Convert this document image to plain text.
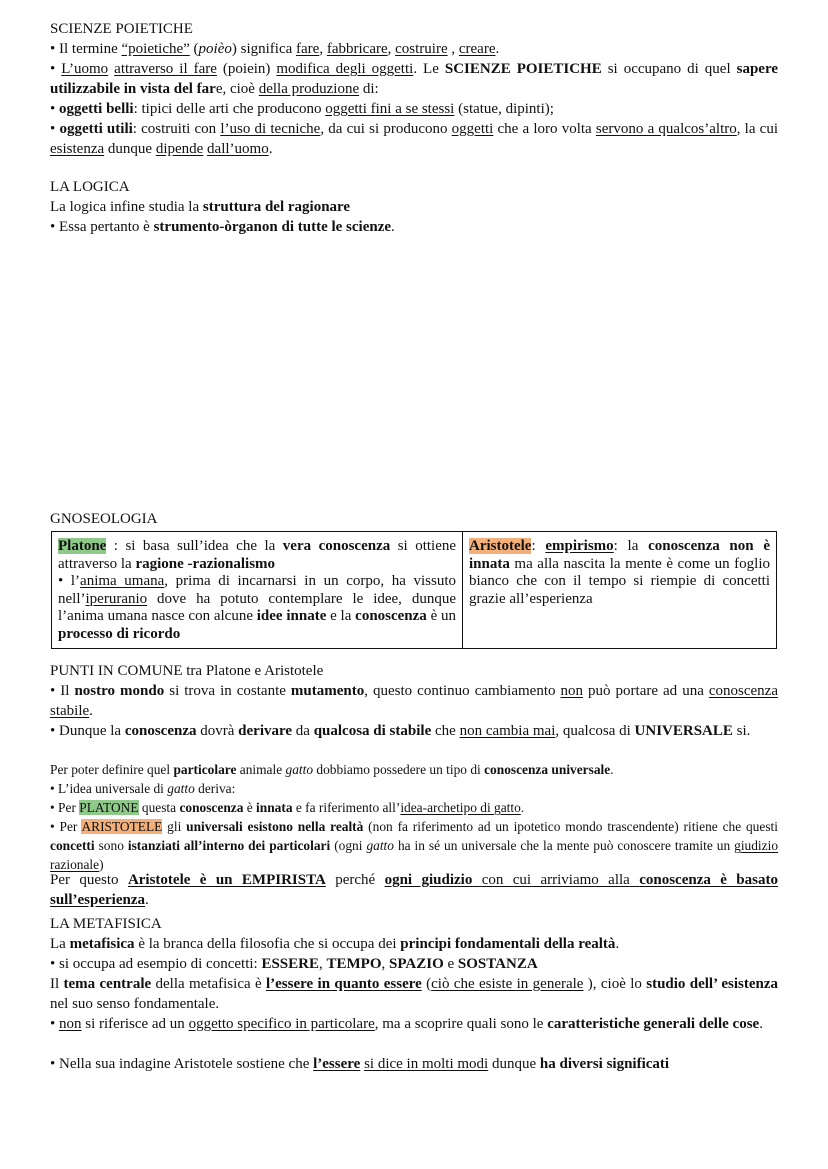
SCIENZE POIETICHE

• Il termine “poietiche” (poièo) significa fare, fabbricare, costruire , creare.

• L’uomo attraverso il fare (poiein) modifica degli oggetti. Le SCIENZE POIETICHE si occupano di quel sapere utilizzabile in vista del fare, cioè della produzione di:

• oggetti belli: tipici delle arti che producono oggetti fini a se stessi (statue, dipinti);

• oggetti utili: costruiti con l’uso di tecniche, da cui si producono oggetti che a loro volta servono a qualcos’altro, la cui esistenza dunque dipende dall’uomo.

LA LOGICA

La logica infine studia la struttura del ragionare

• Essa pertanto è strumento-òrganon di tutte le scienze.

GNOSEOLOGIA

Platone : si basa sull’idea che la vera conoscenza si ottiene attraverso la ragione -razionalismo
• l’anima umana, prima di incarnarsi in un corpo, ha vissuto nell’iperuranio dove ha potuto contemplare le idee, dunque l’anima umana nasce con alcune idee innate e la conoscenza è un processo di ricordo	Aristotele: empirismo: la conoscenza non è innata ma alla nascita la mente è come un foglio bianco che con il tempo si riempie di concetti grazie all’esperienza

PUNTI IN COMUNE tra Platone e Aristotele

• Il nostro mondo si trova in costante mutamento, questo continuo cambiamento non può portare ad una conoscenza stabile.

• Dunque la conoscenza dovrà derivare da qualcosa di stabile che non cambia mai, qualcosa di UNIVERSALE si.

Per poter definire quel particolare animale gatto dobbiamo possedere un tipo di conoscenza universale.

• L’idea universale di gatto deriva:

• Per PLATONE questa conoscenza è innata e fa riferimento all’idea-archetipo di gatto.

• Per ARISTOTELE gli universali esistono nella realtà (non fa riferimento ad un ipotetico mondo trascendente) ritiene che questi concetti sono istanziati all’interno dei particolari (ogni gatto ha in sé un universale che la mente può conoscere tramite un giudizio razionale)

Per questo Aristotele è un EMPIRISTA perché ogni giudizio con cui arriviamo alla conoscenza è basato sull’esperienza.

LA METAFISICA

La metafisica è la branca della filosofia che si occupa dei principi fondamentali della realtà.

• si occupa ad esempio di concetti: ESSERE, TEMPO, SPAZIO e SOSTANZA

Il tema centrale della metafisica è l’essere in quanto essere (ciò che esiste in generale ), cioè lo studio dell’ esistenza nel suo senso fondamentale.

• non si riferisce ad un oggetto specifico in particolare, ma a scoprire quali sono le caratteristiche generali delle cose.

• Nella sua indagine Aristotele sostiene che l’essere si dice in molti modi dunque ha diversi significati
